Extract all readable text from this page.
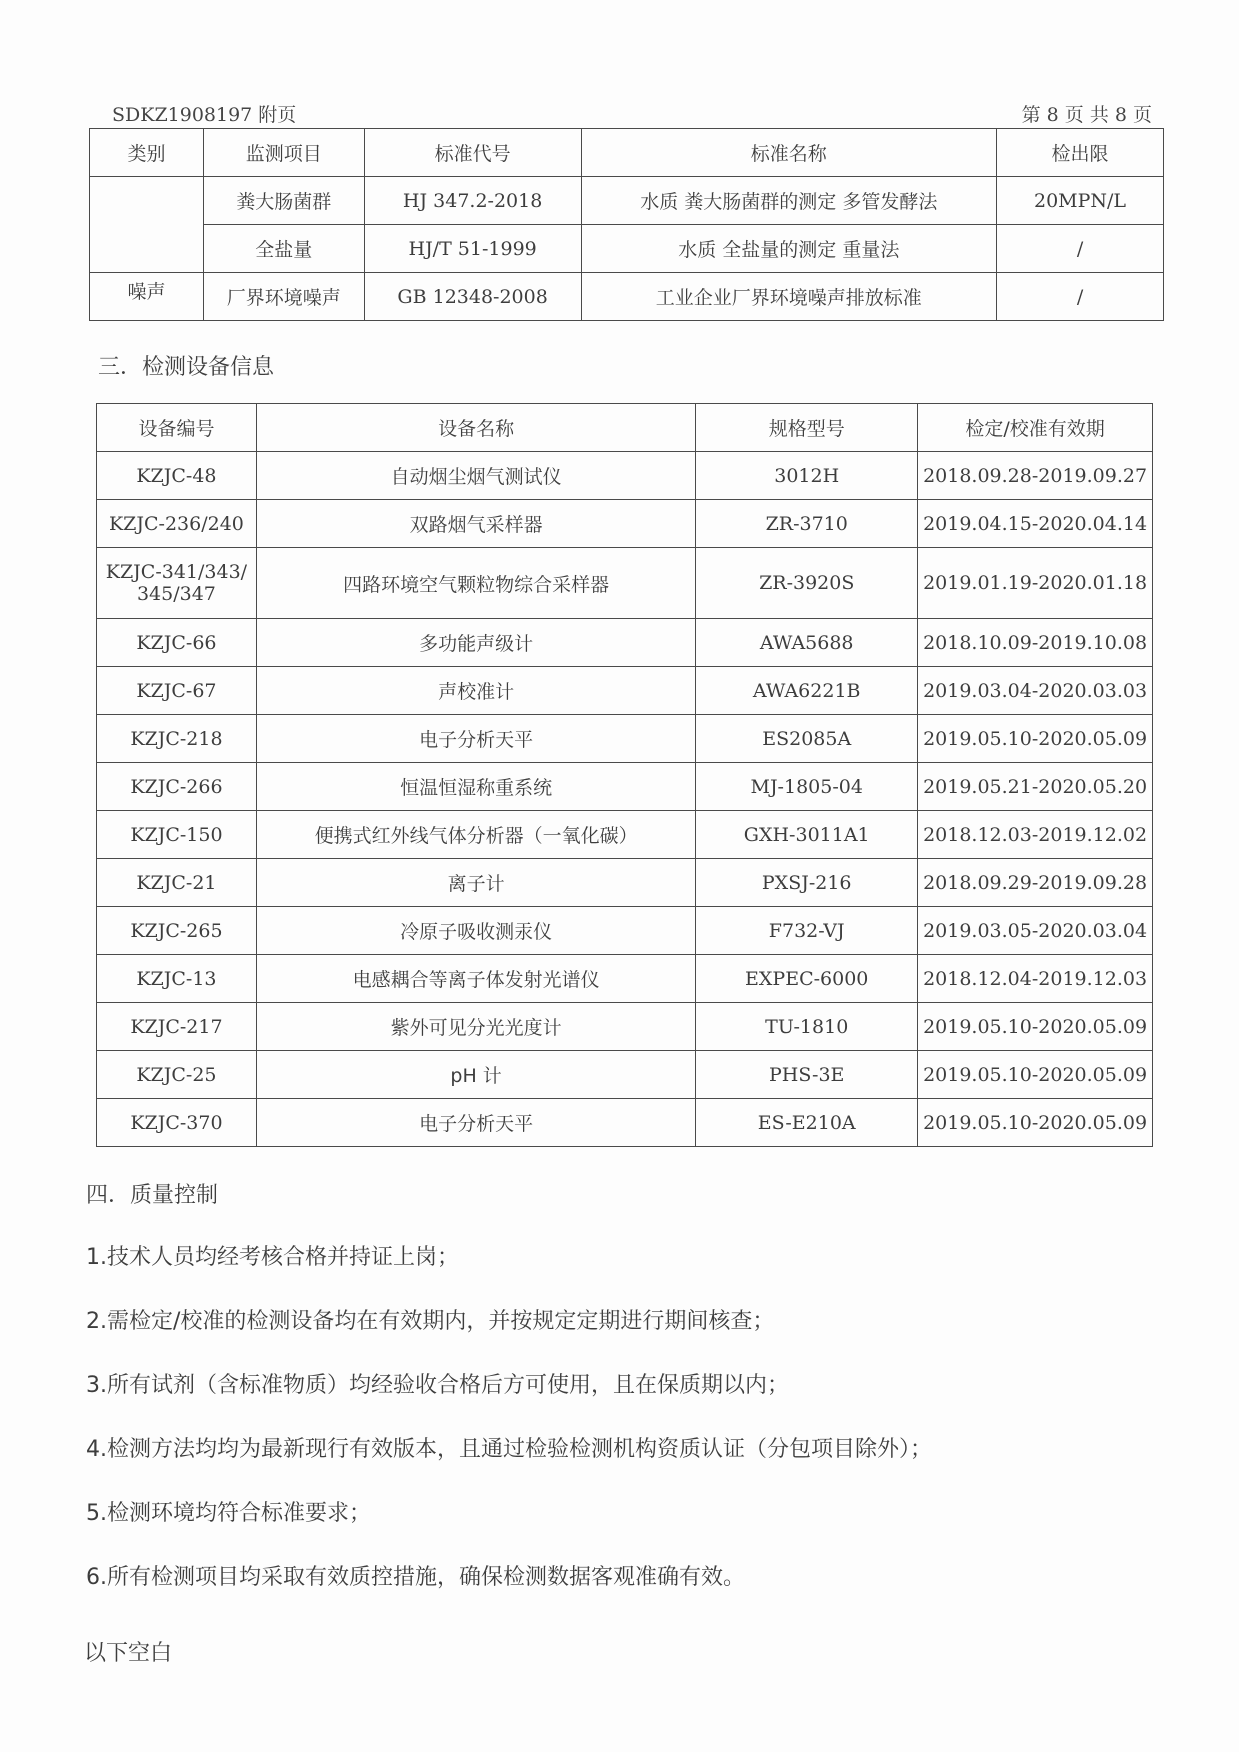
SDKZ1908197 附页	第 8 页 共 8 页
类别	监测项目	标准代号	标准名称	检出限
	粪大肠菌群	HJ 347.2-2018	水质 粪大肠菌群的测定 多管发酵法	20MPN/L
	全盐量	HJ/T 51-1999	水质 全盐量的测定 重量法	/
噪声	厂界环境噪声	GB 12348-2008	工业企业厂界环境噪声排放标准	/
三．检测设备信息
设备编号	设备名称	规格型号	检定/校准有效期
KZJC-48	自动烟尘烟气测试仪	3012H	2018.09.28-2019.09.27
KZJC-236/240	双路烟气采样器	ZR-3710	2019.04.15-2020.04.14

KZJC-341/343/
345/347	四路环境空气颗粒物综合采样器	ZR-3920S	2019.01.19-2020.01.18
KZJC-66	多功能声级计	AWA5688	2018.10.09-2019.10.08
KZJC-67	声校准计	AWA6221B	2019.03.04-2020.03.03
KZJC-218	电子分析天平	ES2085A	2019.05.10-2020.05.09
KZJC-266	恒温恒湿称重系统	MJ-1805-04	2019.05.21-2020.05.20
KZJC-150	便携式红外线气体分析器（一氧化碳）	GXH-3011A1	2018.12.03-2019.12.02
KZJC-21	离子计	PXSJ-216	2018.09.29-2019.09.28
KZJC-265	冷原子吸收测汞仪	F732-VJ	2019.03.05-2020.03.04
KZJC-13	电感耦合等离子体发射光谱仪	EXPEC-6000	2018.12.04-2019.12.03
KZJC-217	紫外可见分光光度计	TU-1810	2019.05.10-2020.05.09
KZJC-25	pH 计	PHS-3E	2019.05.10-2020.05.09
KZJC-370	电子分析天平	ES-E210A	2019.05.10-2020.05.09
四．质量控制
1.技术人员均经考核合格并持证上岗；
2.需检定/校准的检测设备均在有效期内，并按规定定期进行期间核查；
3.所有试剂（含标准物质）均经验收合格后方可使用，且在保质期以内；
4.检测方法均均为最新现行有效版本，且通过检验检测机构资质认证（分包项目除外）；
5.检测环境均符合标准要求；
6.所有检测项目均采取有效质控措施，确保检测数据客观准确有效。
以下空白
